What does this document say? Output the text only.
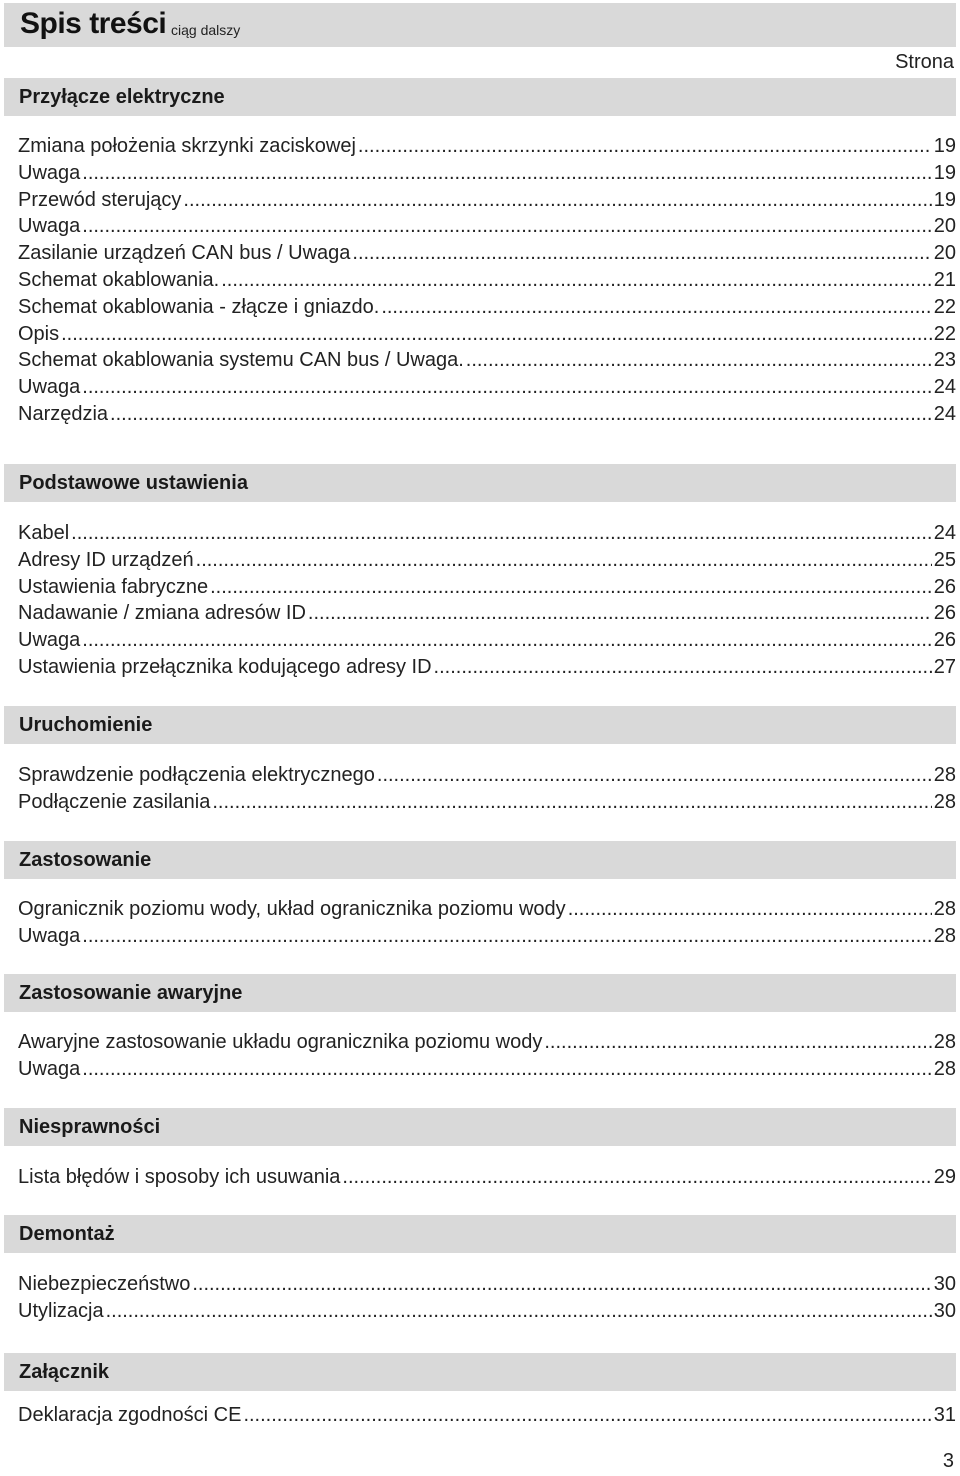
Spis treści ciąg dalszy
Strona
Przyłącze elektryczne
Zmiana położenia skrzynki zaciskowej .....	19
Uwaga .....	19
Przewód sterujący .....	19
Uwaga .....	20
Zasilanie urządzeń CAN bus / Uwaga .....	20
Schemat okablowania. .....	21
Schemat okablowania - złącze i gniazdo. .....	22
Opis .....	22
Schemat okablowania systemu CAN bus / Uwaga. .....	23
Uwaga .....	24
Narzędzia .....	24
Podstawowe ustawienia
Kabel .....	24
Adresy ID urządzeń .....	25
Ustawienia fabryczne .....	26
Nadawanie / zmiana adresów ID .....	26
Uwaga .....	26
Ustawienia przełącznika kodującego adresy ID .....	27
Uruchomienie
Sprawdzenie podłączenia elektrycznego .....	28
Podłączenie zasilania .....	28
Zastosowanie
Ogranicznik poziomu wody, układ ogranicznika poziomu wody .....	28
Uwaga .....	28
Zastosowanie awaryjne
Awaryjne zastosowanie układu ogranicznika poziomu wody .....	28
Uwaga .....	28
Niesprawności
Lista błędów i sposoby ich usuwania .....	29
Demontaż
Niebezpieczeństwo .....	30
Utylizacja .....	30
Załącznik
Deklaracja zgodności CE .....	31
3
